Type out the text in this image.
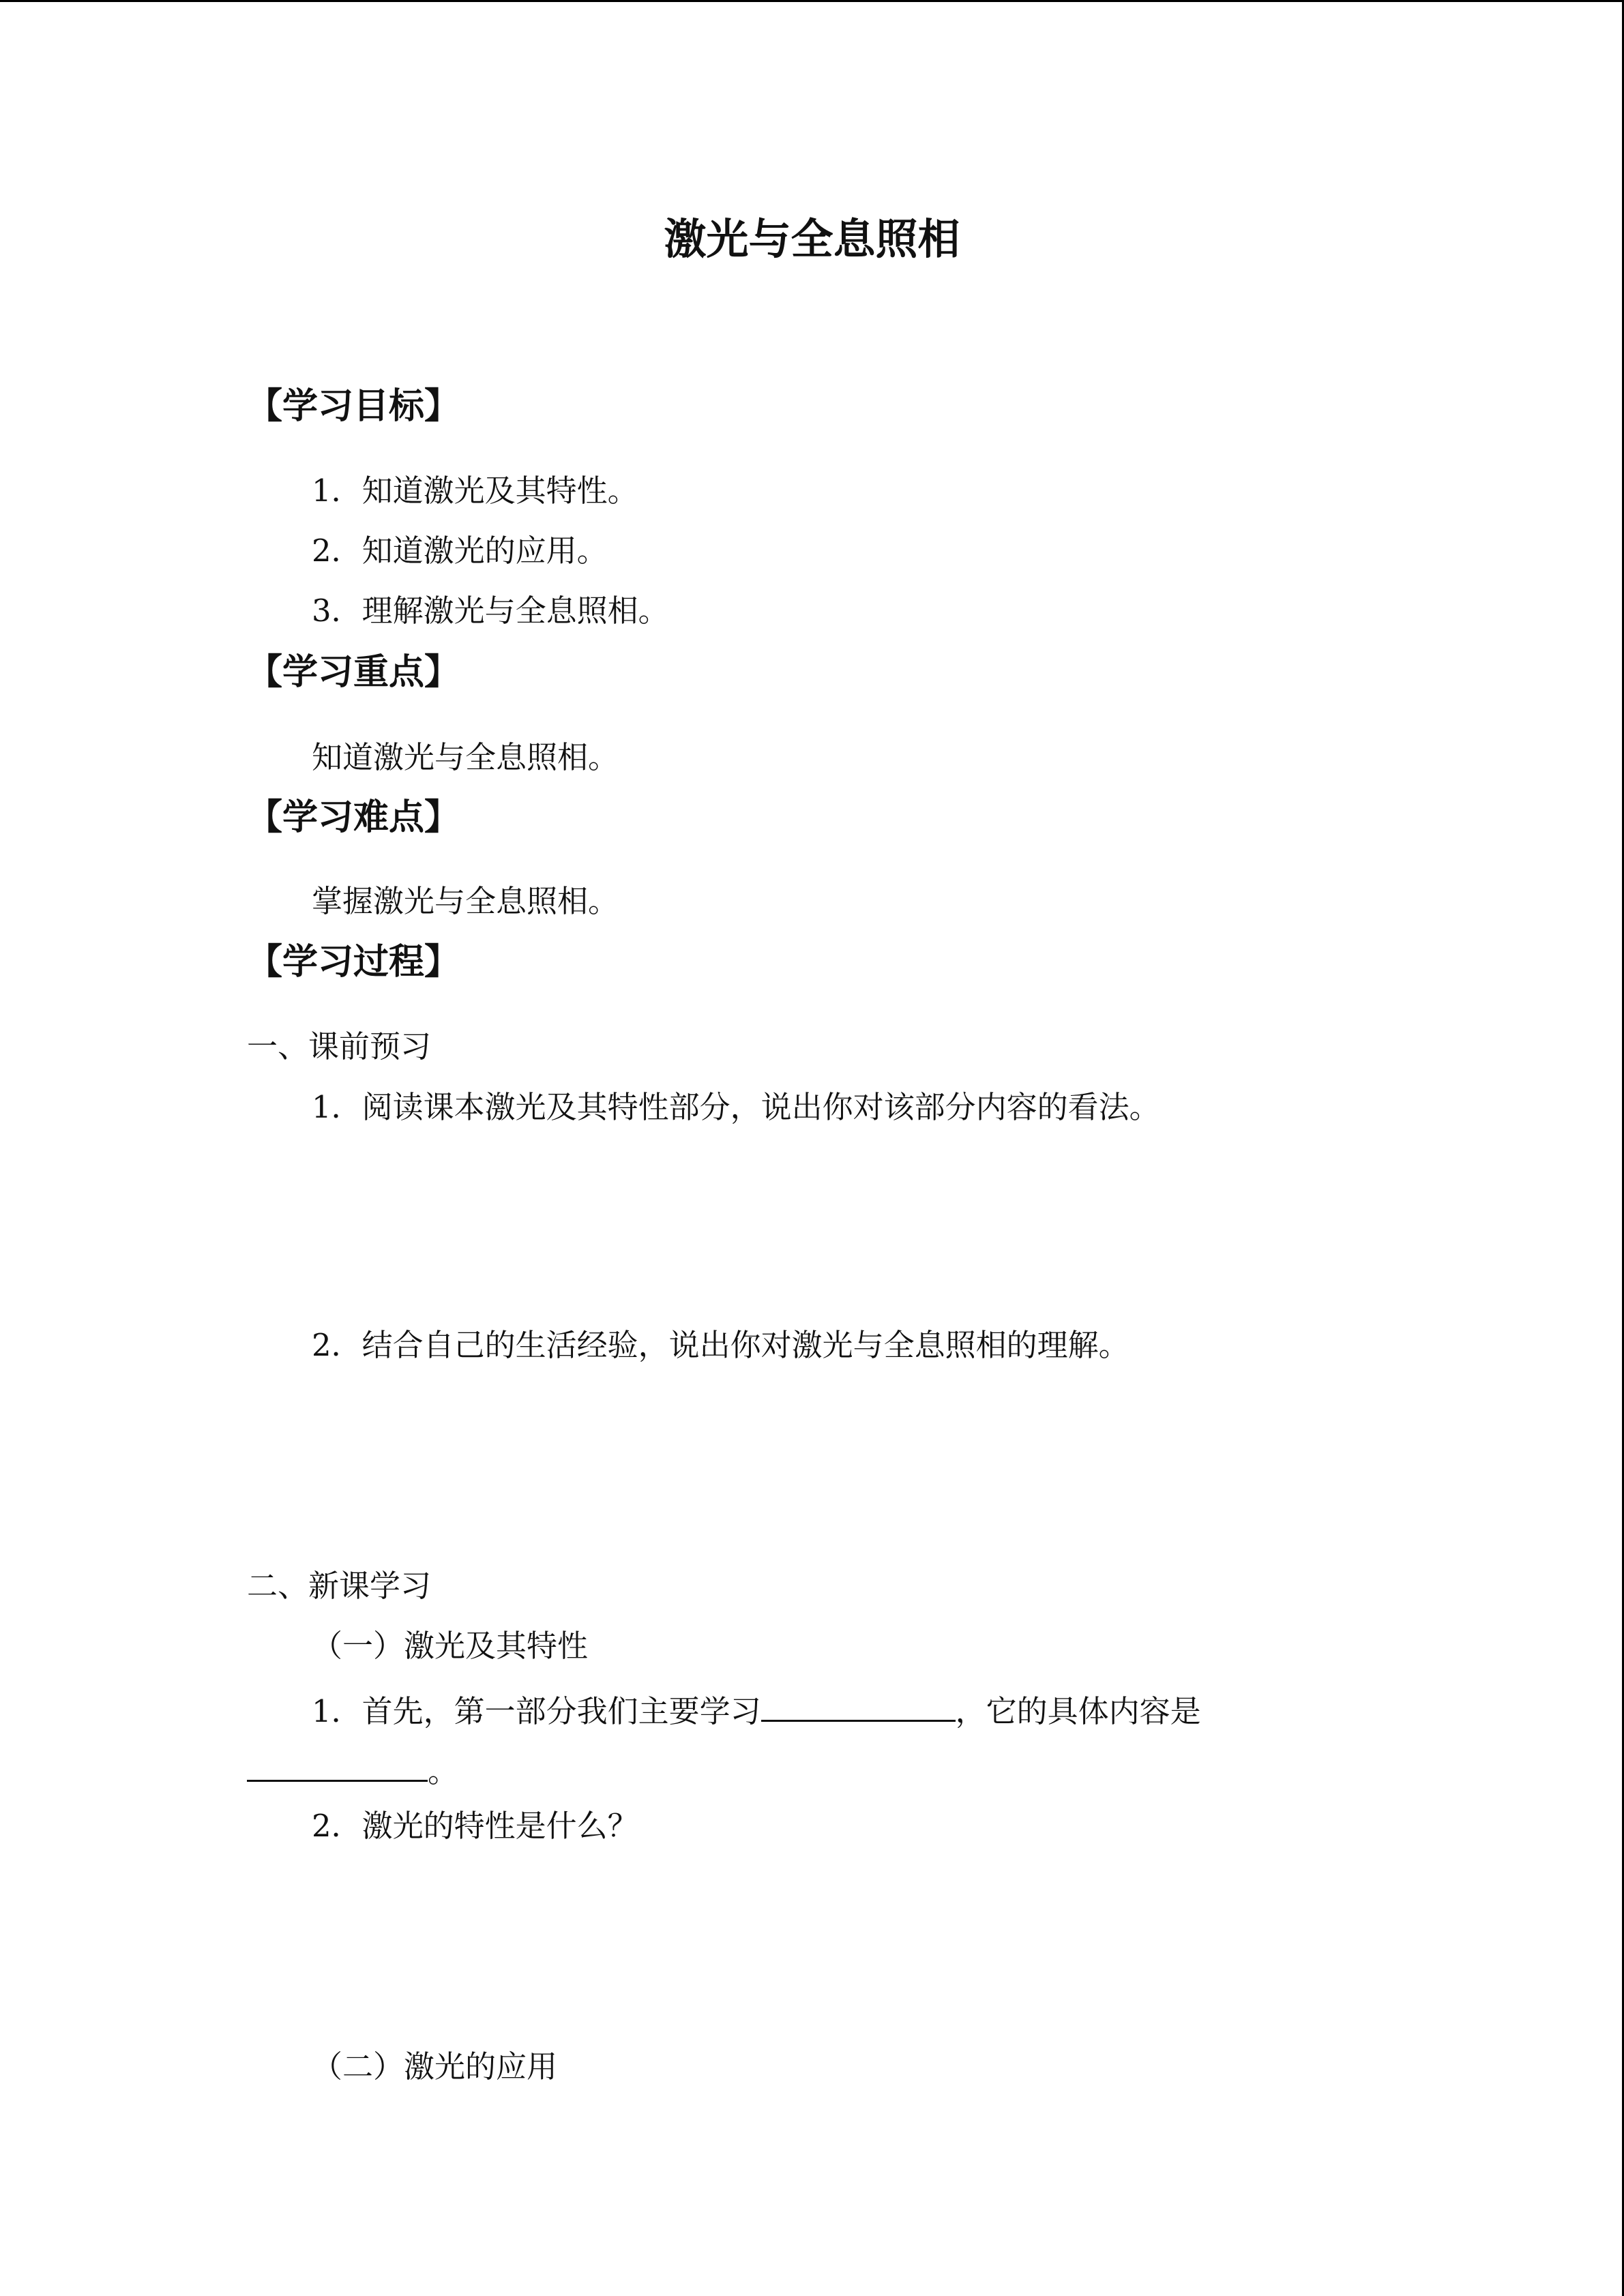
激光与全息照相
【学习目标】
1．知道激光及其特性。
2．知道激光的应用。
3．理解激光与全息照相。
【学习重点】
知道激光与全息照相。
【学习难点】
掌握激光与全息照相。
【学习过程】
一、课前预习
1．阅读课本激光及其特性部分，说出你对该部分内容的看法。
2．结合自己的生活经验，说出你对激光与全息照相的理解。
二、新课学习
（一）激光及其特性
1．首先，第一部分我们主要学习	，它的具体内容是
。
2．激光的特性是什么？
（二）激光的应用
